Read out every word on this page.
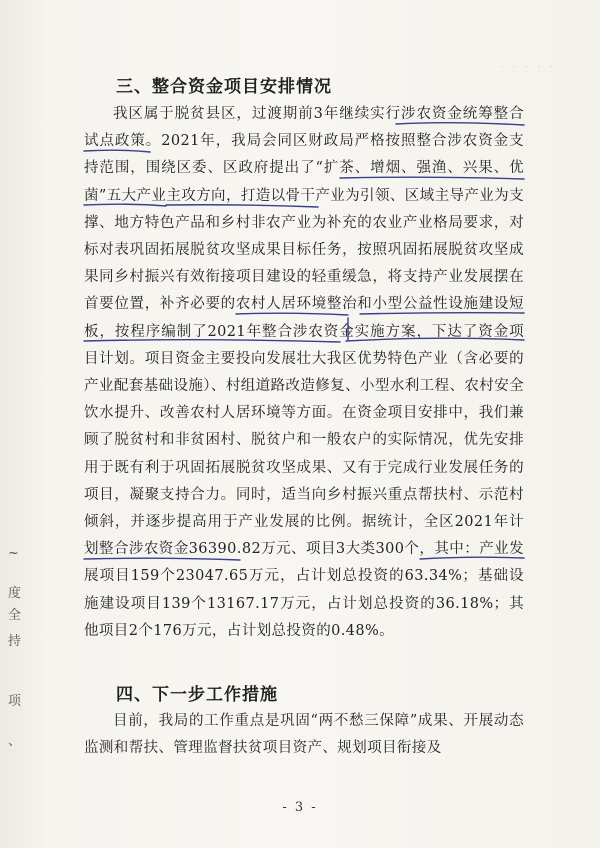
· · · · ·
~
度
全
持
项
、
三、整合资金项目安排情况

我区属于脱贫县区，过渡期前3年继续实行涉农资金统筹整合试点政策。2021年，我局会同区财政局严格按照整合涉农资金支持范围，围绕区委、区政府提出了“扩茶、增烟、强渔、兴果、优菌”五大产业主攻方向，打造以骨干产业为引领、区域主导产业为支撑、地方特色产品和乡村非农产业为补充的农业产业格局要求，对标对表巩固拓展脱贫攻坚成果目标任务，按照巩固拓展脱贫攻坚成果同乡村振兴有效衔接项目建设的轻重缓急，将支持产业发展摆在首要位置，补齐必要的农村人居环境整治和小型公益性设施建设短板，按程序编制了2021年整合涉农资金实施方案，下达了资金项目计划。项目资金主要投向发展壮大我区优势特色产业（含必要的产业配套基础设施）、村组道路改造修复、小型水利工程、农村安全饮水提升、改善农村人居环境等方面。在资金项目安排中，我们兼顾了脱贫村和非贫困村、脱贫户和一般农户的实际情况，优先安排用于既有利于巩固拓展脱贫攻坚成果、又有于完成行业发展任务的项目，凝聚支持合力。同时，适当向乡村振兴重点帮扶村、示范村倾斜，并逐步提高用于产业发展的比例。据统计，全区2021年计划整合涉农资金36390.82万元、项目3大类300个，其中：产业发展项目159个23047.65万元，占计划总投资的63.34%；基础设施建设项目139个13167.17万元，占计划总投资的36.18%；其他项目2个176万元，占计划总投资的0.48%。

四、下一步工作措施

目前，我局的工作重点是巩固“两不愁三保障”成果、开展动态监测和帮扶、管理监督扶贫项目资产、规划项目衔接及

- 3 -
